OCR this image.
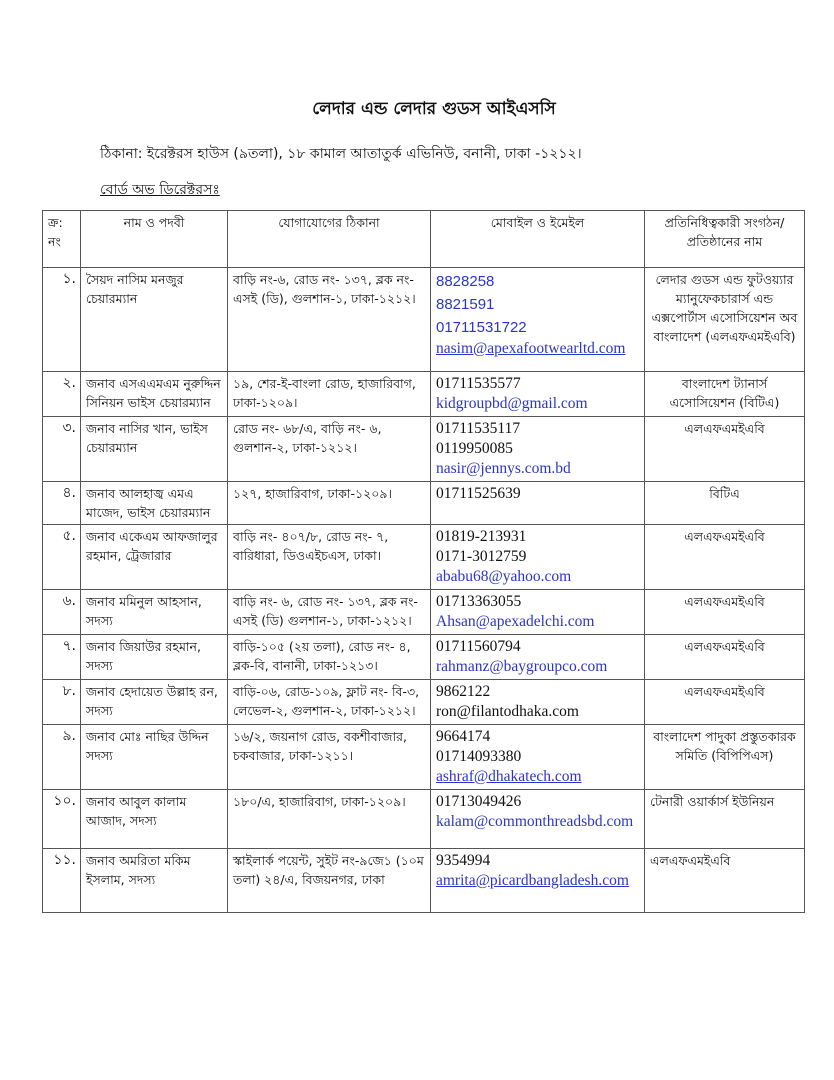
লেদার এন্ড লেদার গুডস আইএসসি
ঠিকানা: ইরেক্টরস হাউস (৯তলা), ১৮ কামাল আতাতুর্ক এভিনিউ, বনানী, ঢাকা -১২১২।
বোর্ড অভ ডিরেক্টরসঃ
ক্র: নং	নাম ও পদবী	যোগাযোগের ঠিকানা	মোবাইল ও ইমেইল	প্রতিনিধিত্বকারী সংগঠন/প্রতিষ্ঠানের নাম
১.	সৈয়দ নাসিম মনজুর চেয়ারম্যান	বাড়ি নং-৬, রোড নং- ১৩৭, ব্লক নং- এসই (ডি), গুলশান-১, ঢাকা-১২১২।	8828258
8821591
01711531722
nasim@apexafootwearltd.com	লেদার গুডস এন্ড ফুটওয়্যার ম্যানুফেকচারার্স এন্ড এক্সপোর্টাস এসোসিয়েশন অব বাংলাদেশ (এলএফএমইএবি)
২.	জনাব এসএএমএম নুরুদ্দিন সিনিয়ন ভাইস চেয়ারম্যান	১৯, শের-ই-বাংলা রোড, হাজারিবাগ, ঢাকা-১২০৯।	01711535577
kidgroupbd@gmail.com	বাংলাদেশ ট্যানার্স এসোসিয়েশন (বিটিএ)
৩.	জনাব নাসির খান, ভাইস চেয়ারম্যান	রোড নং- ৬৮/এ, বাড়ি নং- ৬, গুলশান-২, ঢাকা-১২১২।	01711535117
0119950085
nasir@jennys.com.bd	এলএফএমইএবি
৪.	জনাব আলহাজ্ব এমএ মাজেদ, ভাইস চেয়ারম্যান	১২৭, হাজারিবাগ, ঢাকা-১২০৯।	01711525639	বিটিএ
৫.	জনাব একেএম আফজালুর রহমান, ট্রেজারার	বাড়ি নং- ৪০৭/৮, রোড নং- ৭, বারিধারা, ডিওএইচএস, ঢাকা।	01819-213931
0171-3012759
ababu68@yahoo.com	এলএফএমইএবি
৬.	জনাব মমিনুল আহসান, সদস্য	বাড়ি নং- ৬, রোড নং- ১৩৭, ব্লক নং- এসই (ডি) গুলশান-১, ঢাকা-১২১২।	01713363055
Ahsan@apexadelchi.com	এলএফএমইএবি
৭.	জনাব জিয়াউর রহমান, সদস্য	বাড়ি-১০৫ (২য় তলা), রোড নং- ৪, ব্লক-বি, বানানী, ঢাকা-১২১৩।	01711560794
rahmanz@baygroupco.com	এলএফএমইএবি
৮.	জনাব হেদায়েত উল্লাহ রন, সদস্য	বাড়ি-০৬, রোড-১০৯, ফ্লাট নং- বি-৩, লেভেল-২, গুলশান-২, ঢাকা-১২১২।	9862122
ron@filantodhaka.com	এলএফএমইএবি
৯.	জনাব মোঃ নাছির উদ্দিন সদস্য	১৬/২, জয়নাগ রোড, বকশীবাজার, চকবাজার, ঢাকা-১২১১।	9664174
01714093380
ashraf@dhakatech.com	বাংলাদেশ পাদুকা প্রস্তুতকারক সমিতি (বিপিপিএস)
১০.	জনাব আবুল কালাম আজাদ, সদস্য	১৮০/এ, হাজারিবাগ, ঢাকা-১২০৯।	01713049426
kalam@commonthreadsbd.com	টেনারী ওয়ার্কার্স ইউনিয়ন
১১.	জনাব অমরিতা মকিম ইসলাম, সদস্য	স্কাইলার্ক পয়েন্ট, সুইট নং-৯জে১ (১০ম তলা) ২৪/এ, বিজয়নগর, ঢাকা	9354994
amrita@picardbangladesh.com	এলএফএমইএবি
